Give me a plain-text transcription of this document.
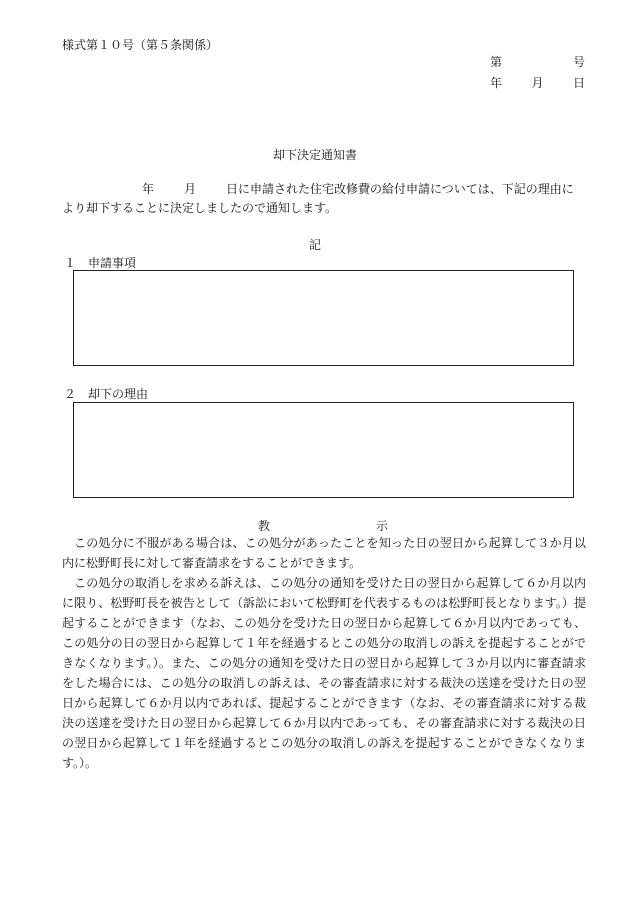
様式第１０号（第５条関係）
第	号
年 月 日
却下決定通知書
年 月 日に申請された住宅改修費の給付申請については、下記の理由により却下することに決定しましたので通知します。
記
１　申請事項
２　却下の理由
教	示

この処分に不服がある場合は、この処分があったことを知った日の翌日から起算して３か月以内に松野町長に対して審査請求をすることができます。

この処分の取消しを求める訴えは、この処分の通知を受けた日の翌日から起算して６か月以内に限り、松野町長を被告として（訴訟において松野町を代表するものは松野町長となります。）提起することができます（なお、この処分を受けた日の翌日から起算して６か月以内であっても、この処分の日の翌日から起算して１年を経過するとこの処分の取消しの訴えを提起することができなくなります。）。また、この処分の通知を受けた日の翌日から起算して３か月以内に審査請求をした場合には、この処分の取消しの訴えは、その審査請求に対する裁決の送達を受けた日の翌日から起算して６か月以内であれば、提起することができます（なお、その審査請求に対する裁決の送達を受けた日の翌日から起算して６か月以内であっても、その審査請求に対する裁決の日の翌日から起算して１年を経過するとこの処分の取消しの訴えを提起することができなくなります。）。
